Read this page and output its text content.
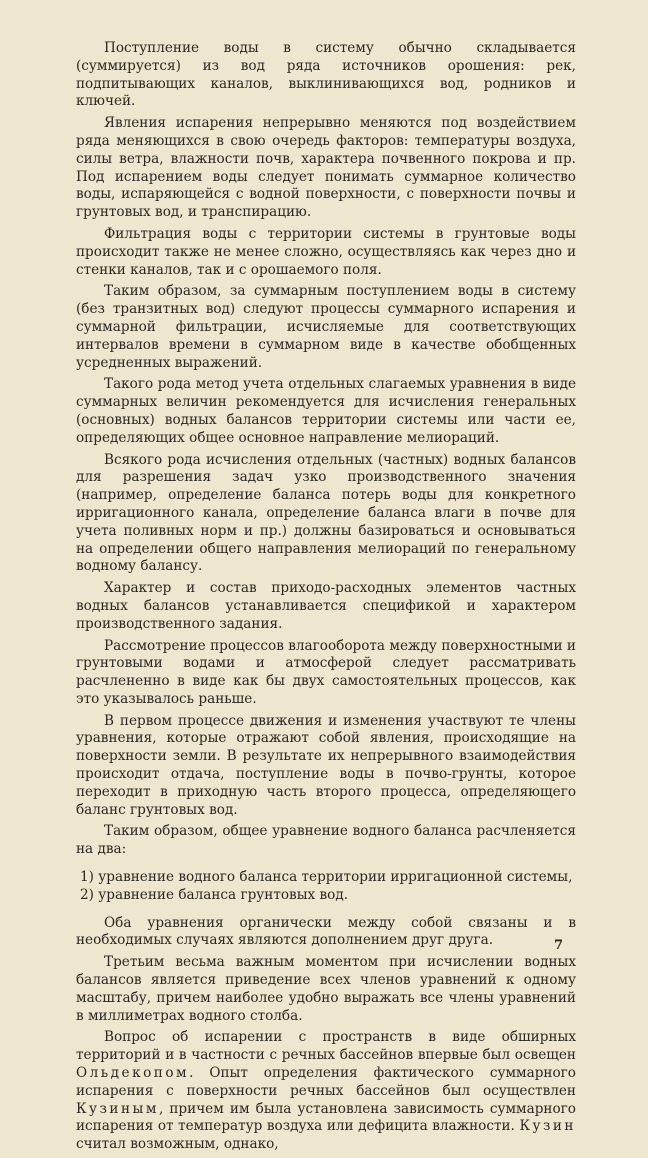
Поступление воды в систему обычно складывается (суммируется) из вод ряда источников орошения: рек, подпитывающих каналов, выклинивающихся вод, родников и ключей.

Явления испарения непрерывно меняются под воздействием ряда меняющихся в свою очередь факторов: температуры воздуха, силы ветра, влажности почв, характера почвенного покрова и пр. Под испарением воды следует понимать суммарное количество воды, испаряющейся с водной поверхности, с поверхности почвы и грунтовых вод, и транспирацию.

Фильтрация воды с территории системы в грунтовые воды происходит также не менее сложно, осуществляясь как через дно и стенки каналов, так и с орошаемого поля.

Таким образом, за суммарным поступлением воды в систему (без транзитных вод) следуют процессы суммарного испарения и суммарной фильтрации, исчисляемые для соответствующих интервалов времени в суммарном виде в качестве обобщенных усредненных выражений.

Такого рода метод учета отдельных слагаемых уравнения в виде суммарных величин рекомендуется для исчисления генеральных (основных) водных балансов территории системы или части ее, определяющих общее основное направление мелиораций.

Всякого рода исчисления отдельных (частных) водных балансов для разрешения задач узко производственного значения (например, определение баланса потерь воды для конкретного ирригационного канала, определение баланса влаги в почве для учета поливных норм и пр.) должны базироваться и основываться на определении общего направления мелиораций по генеральному водному балансу.

Характер и состав приходо-расходных элементов частных водных балансов устанавливается спецификой и характером производственного задания.

Рассмотрение процессов влагооборота между поверхностными и грунтовыми водами и атмосферой следует рассматривать расчлененно в виде как бы двух самостоятельных процессов, как это указывалось раньше.

В первом процессе движения и изменения участвуют те члены уравнения, которые отражают собой явления, происходящие на поверхности земли. В результате их непрерывного взаимодействия происходит отдача, поступление воды в почво-грунты, которое переходит в приходную часть второго процесса, определяющего баланс грунтовых вод.

Таким образом, общее уравнение водного баланса расчленяется на два:

1) уравнение водного баланса территории ирригационной системы,

2) уравнение баланса грунтовых вод.

Оба уравнения органически между собой связаны и в необходимых случаях являются дополнением друг друга.

Третьим весьма важным моментом при исчислении водных балансов является приведение всех членов уравнений к одному масштабу, причем наиболее удобно выражать все члены уравнений в миллиметрах водного столба.

Вопрос об испарении с пространств в виде обширных территорий и в частности с речных бассейнов впервые был освещен Ольдекопом. Опыт определения фактического суммарного испарения с поверхности речных бассейнов был осуществлен Кузиным, причем им была установлена зависимость суммарного испарения от температур воздуха или дефицита влажности. Кузин считал возможным, однако,

7
